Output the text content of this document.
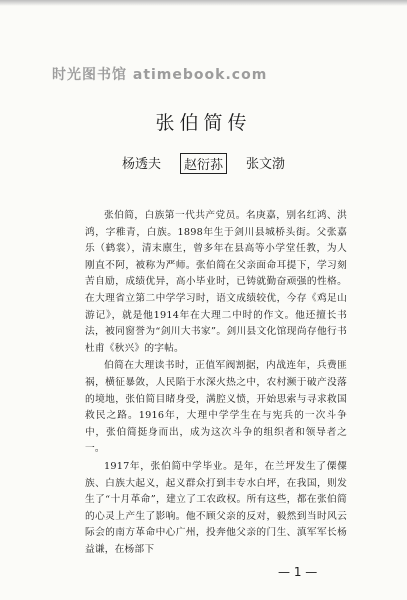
时光图书馆 atimebook.com
张伯简传
杨透夫	赵衍荪	张文渤

张伯简，白族第一代共产党员。名庚嘉，别名红鸿、洪鸿，字稚青，白族。1898年生于剑川县城桥头街。父张嘉乐（鹤裳），清末廪生，曾多年在县高等小学堂任教，为人刚直不阿，被称为严师。张伯简在父亲面命耳提下，学习刻苦自励，成绩优异，高小毕业时，已铸就勤奋顽强的性格。在大理省立第二中学学习时，语文成绩较优，今存《鸡足山游记》，就是他1914年在大理二中时的作文。他还擅长书法，被同窗誉为“剑川大书家”。剑川县文化馆现尚存他行书杜甫《秋兴》的字帖。

伯简在大理读书时，正值军阀割据，内战连年，兵费匪祸，横征暴敛，人民陷于水深火热之中，农村濒于破产没落的境地，张伯简目睹身受，满腔义愤，开始思索与寻求救国救民之路。1916年，大理中学学生在与宪兵的一次斗争中，张伯简挺身而出，成为这次斗争的组织者和领导者之一。

1917年，张伯简中学毕业。是年，在兰坪发生了傈僳族、白族大起义，起义群众打到丰专水白坪，在我国，则发生了“十月革命”，建立了工农政权。所有这些，都在张伯简的心灵上产生了影响。他不顾父亲的反对，毅然到当时风云际会的南方革命中心广州，投奔他父亲的门生、滇军军长杨益谦，在杨部下

— 1 —
